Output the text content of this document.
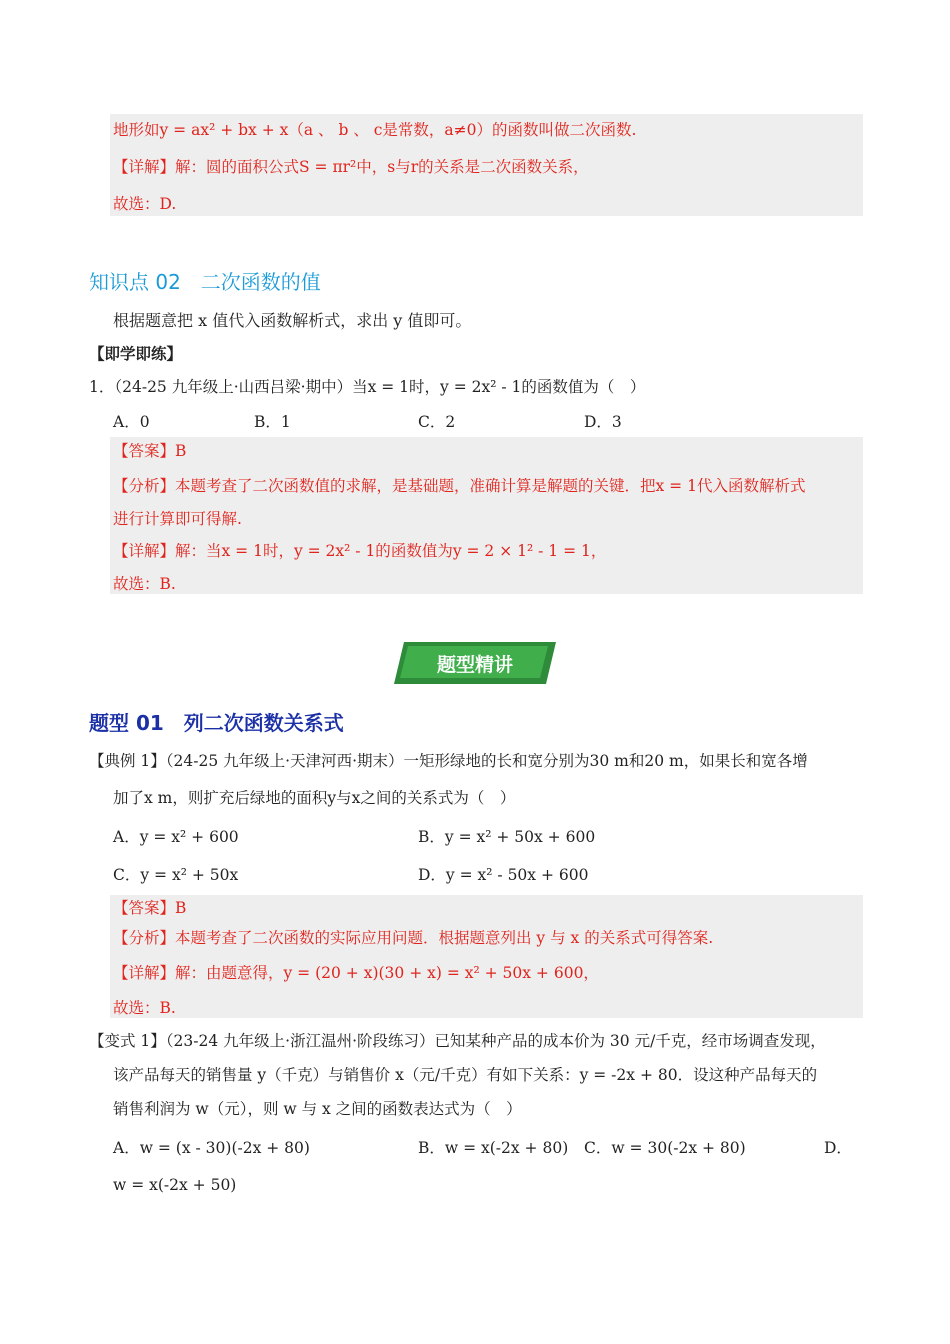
地形如y = ax² + bx + x（a 、 b 、 c是常数，a≠0）的函数叫做二次函数.
【详解】解：圆的面积公式S = πr²中，s与r的关系是二次函数关系，
故选：D.
知识点 02　二次函数的值
根据题意把 x 值代入函数解析式，求出 y 值即可。
【即学即练】
1．（24-25 九年级上·山西吕梁·期中）当x = 1时，y = 2x² - 1的函数值为（　）
A．0	B．1	C．2	D．3
【答案】B
【分析】本题考查了二次函数值的求解，是基础题，准确计算是解题的关键．把x = 1代入函数解析式
进行计算即可得解.
【详解】解：当x = 1时，y = 2x² - 1的函数值为y = 2 × 1² - 1 = 1，
故选：B.
题型精讲
题型 01　列二次函数关系式
【典例 1】（24-25 九年级上·天津河西·期末）一矩形绿地的长和宽分别为30 m和20 m，如果长和宽各增
加了x m，则扩充后绿地的面积y与x之间的关系式为（　）
A．y = x² + 600	B．y = x² + 50x + 600
C．y = x² + 50x	D．y = x² - 50x + 600
【答案】B
【分析】本题考查了二次函数的实际应用问题．根据题意列出 y 与 x 的关系式可得答案.
【详解】解：由题意得，y = (20 + x)(30 + x) = x² + 50x + 600，
故选：B.
【变式 1】（23-24 九年级上·浙江温州·阶段练习）已知某种产品的成本价为 30 元/千克，经市场调查发现，
该产品每天的销售量 y（千克）与销售价 x（元/千克）有如下关系：y = -2x + 80．设这种产品每天的
销售利润为 w（元），则 w 与 x 之间的函数表达式为（　）
A．w = (x - 30)(-2x + 80)	B．w = x(-2x + 80) C．w = 30(-2x + 80)	D．
w = x(-2x + 50)
